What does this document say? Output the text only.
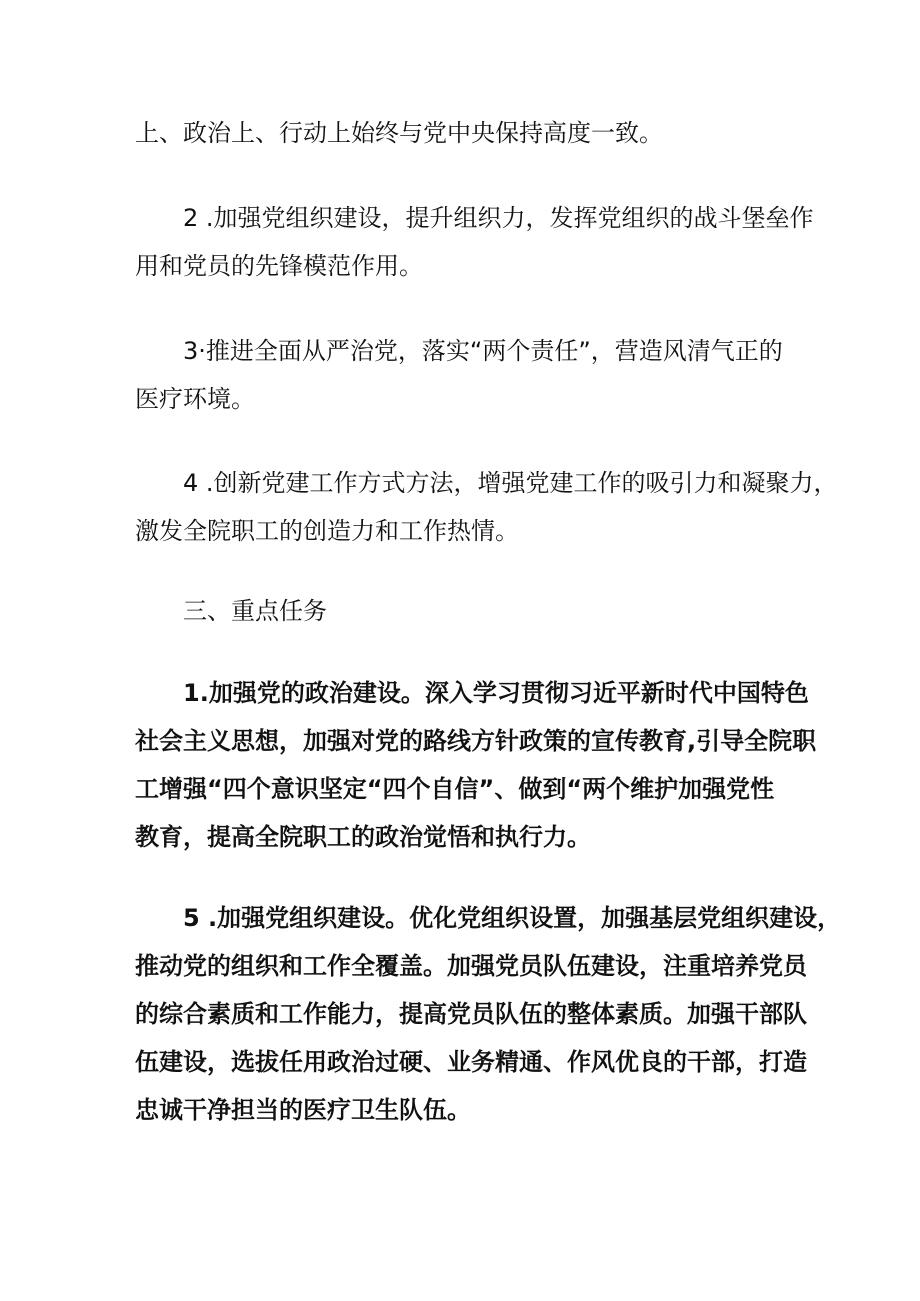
上、政治上、行动上始终与党中央保持高度一致。
2 .加强党组织建设，提升组织力，发挥党组织的战斗堡垒作
用和党员的先锋模范作用。
3·推进全面从严治党，落实“两个责任”，营造风清气正的
医疗环境。
4 .创新党建工作方式方法，增强党建工作的吸引力和凝聚力，
激发全院职工的创造力和工作热情。
三、重点任务
1.加强党的政治建设。深入学习贯彻习近平新时代中国特色
社会主义思想，加强对党的路线方针政策的宣传教育,引导全院职
工增强“四个意识坚定“四个自信”、做到“两个维护加强党性
教育，提高全院职工的政治觉悟和执行力。
5 .加强党组织建设。优化党组织设置，加强基层党组织建设，
推动党的组织和工作全覆盖。加强党员队伍建设，注重培养党员
的综合素质和工作能力，提高党员队伍的整体素质。加强干部队
伍建设，选拔任用政治过硬、业务精通、作风优良的干部，打造
忠诚干净担当的医疗卫生队伍。
